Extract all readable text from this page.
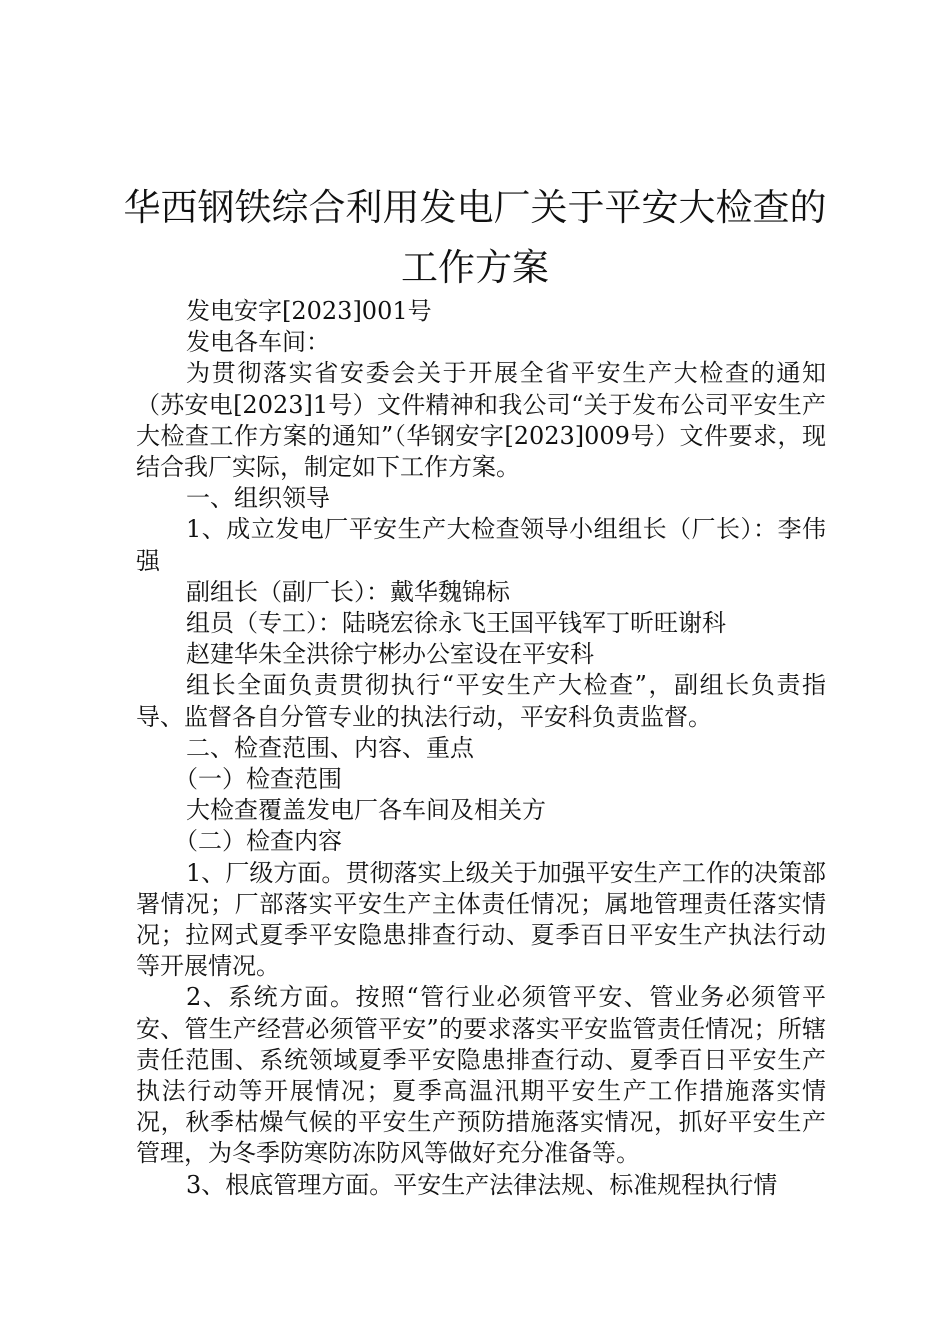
华西钢铁综合利用发电厂关于平安大检查的
工作方案

发电安字[2023]001号

发电各车间：

为贯彻落实省安委会关于开展全省平安生产大检查的通知（苏安电[2023]1号）文件精神和我公司“关于发布公司平安生产大检查工作方案的通知”（华钢安字[2023]009号）文件要求，现结合我厂实际，制定如下工作方案。

一、组织领导

1、成立发电厂平安生产大检查领导小组组长（厂长）：李伟强

副组长（副厂长）：戴华魏锦标

组员（专工）：陆晓宏徐永飞王国平钱军丁昕旺谢科

赵建华朱全洪徐宁彬办公室设在平安科

组长全面负责贯彻执行“平安生产大检查”，副组长负责指导、监督各自分管专业的执法行动，平安科负责监督。

二、检查范围、内容、重点

（一）检查范围

大检查覆盖发电厂各车间及相关方

（二）检查内容

1、厂级方面。贯彻落实上级关于加强平安生产工作的决策部署情况；厂部落实平安生产主体责任情况；属地管理责任落实情况；拉网式夏季平安隐患排查行动、夏季百日平安生产执法行动等开展情况。

2、系统方面。按照“管行业必须管平安、管业务必须管平安、管生产经营必须管平安”的要求落实平安监管责任情况；所辖责任范围、系统领域夏季平安隐患排查行动、夏季百日平安生产执法行动等开展情况；夏季高温汛期平安生产工作措施落实情况，秋季枯燥气候的平安生产预防措施落实情况，抓好平安生产管理，为冬季防寒防冻防风等做好充分准备等。

3、根底管理方面。平安生产法律法规、标准规程执行情
